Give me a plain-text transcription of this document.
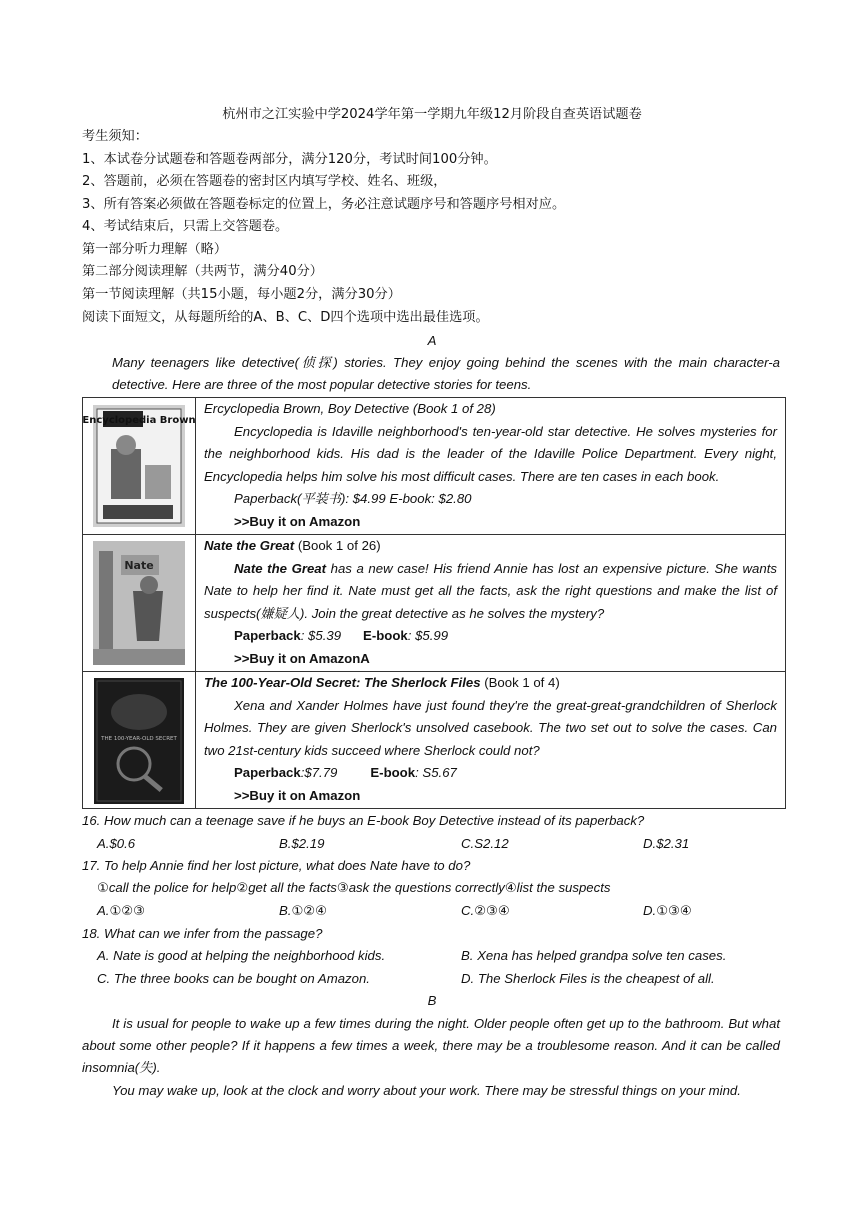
杭州市之江实验中学2024学年第一学期九年级12月阶段自查英语试题卷
考生须知：
1、本试卷分试题卷和答题卷两部分，满分120分，考试时间100分钟。
2、答题前，必须在答题卷的密封区内填写学校、姓名、班级，
3、所有答案必须做在答题卷标定的位置上，务必注意试题序号和答题序号相对应。
4、考试结束后，只需上交答题卷。
第一部分听力理解（略）
第二部分阅读理解（共两节，满分40分）
第一节阅读理解（共15小题，每小题2分，满分30分）
阅读下面短文，从每题所给的A、B、C、D四个选项中选出最佳选项。
A
Many teenagers like detective(侦探) stories. They enjoy going behind the scenes with the main character-a detective. Here are three of the most popular detective stories for teens.
Encyclopedia Brown	Ercyclopedia Brown, Boy Detective (Book 1 of 28)
Encyclopedia is Idaville neighborhood's ten-year-old star detective. He solves mysteries for the neighborhood kids. His dad is the leader of the Idaville Police Department. Every night, Encyclopedia helps him solve his most difficult cases. There are ten cases in each book.
Paperback(平装书): $4.99 E-book: $2.80
>>Buy it on Amazon

Nate	Nate the Great (Book 1 of 26)
Nate the Great has a new case! His friend Annie has lost an expensive picture. She wants Nate to help her find it. Nate must get all the facts, ask the right questions and make the list of suspects(嫌疑人). Join the great detective as he solves the mystery?
Paperback: $5.39 E-book: $5.99
>>Buy it on AmazonA

THE 100-YEAR-OLD SECRET	The 100-Year-Old Secret: The Sherlock Files (Book 1 of 4)
Xena and Xander Holmes have just found they're the great-great-grandchildren of Sherlock Holmes. They are given Sherlock's unsolved casebook. The two set out to solve the cases. Can two 21st-century kids succeed where Sherlock could not?
Paperback:$7.79 E-book: S5.67
>>Buy it on Amazon
16. How much can a teenage save if he buys an E-book Boy Detective instead of its paperback?
A.$0.6	B.$2.19	C.S2.12	D.$2.31
17. To help Annie find her lost picture, what does Nate have to do?
①call the police for help②get all the facts③ask the questions correctly④list the suspects
A.①②③	B.①②④	C.②③④	D.①③④
18. What can we infer from the passage?
A. Nate is good at helping the neighborhood kids.	B. Xena has helped grandpa solve ten cases.
C. The three books can be bought on Amazon.	D. The Sherlock Files is the cheapest of all.
B
It is usual for people to wake up a few times during the night. Older people often get up to the bathroom. But what about some other people? If it happens a few times a week, there may be a troublesome reason. And it can be called insomnia(失).
You may wake up, look at the clock and worry about your work. There may be stressful things on your mind.
